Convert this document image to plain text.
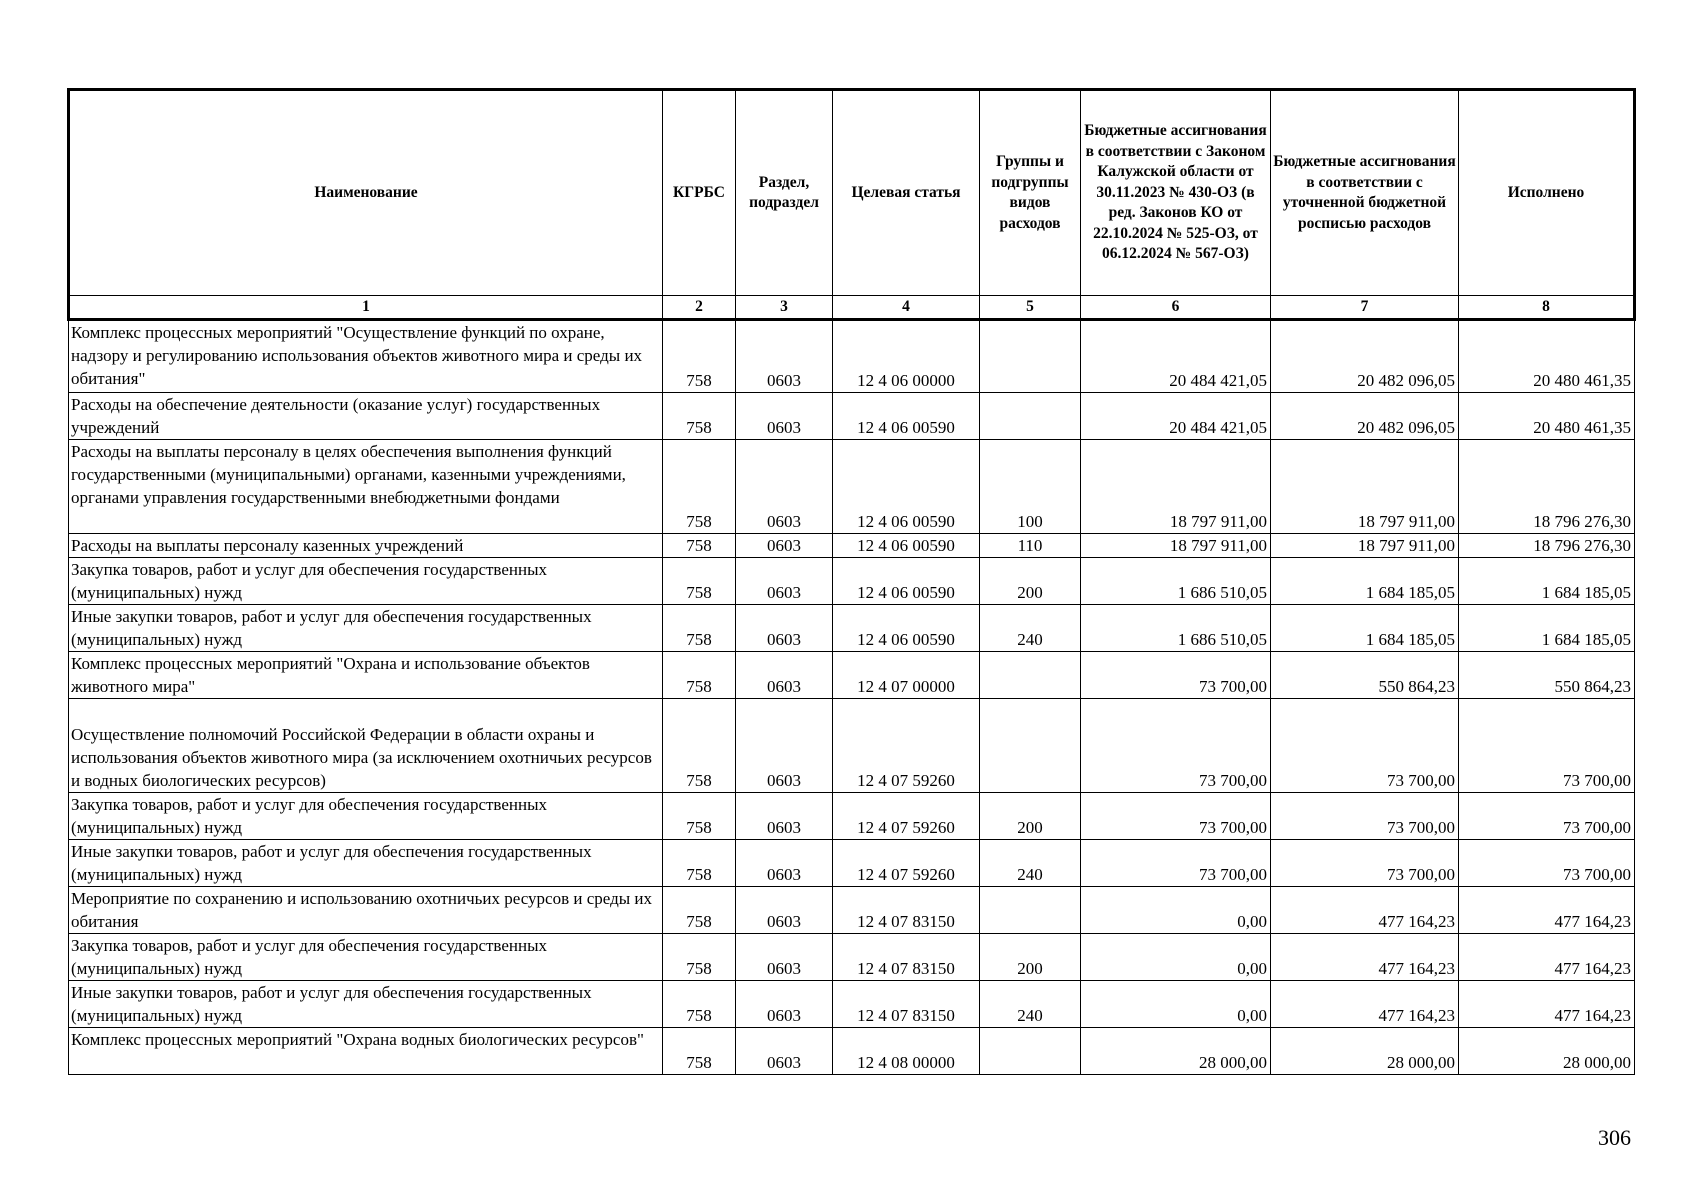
Наименование	КГРБС	Раздел, подраздел	Целевая статья	Группы и подгруппы видов расходов	Бюджетные ассигнования в соответствии с Законом Калужской области от 30.11.2023 № 430-ОЗ (в ред. Законов КО от 22.10.2024 № 525-ОЗ, от 06.12.2024 № 567-ОЗ)	Бюджетные ассигнования в соответствии с уточненной бюджетной росписью расходов	Исполнено
1	2	3	4	5	6	7	8
Комплекс процессных мероприятий "Осуществление функций по охране, надзору и регулированию использования объектов животного мира и среды их обитания"	758	0603	12 4 06 00000		20 484 421,05	20 482 096,05	20 480 461,35
Расходы на обеспечение деятельности (оказание услуг) государственных учреждений	758	0603	12 4 06 00590		20 484 421,05	20 482 096,05	20 480 461,35
Расходы на выплаты персоналу в целях обеспечения выполнения функций государственными (муниципальными) органами, казенными учреждениями, органами управления государственными внебюджетными фондами	758	0603	12 4 06 00590	100	18 797 911,00	18 797 911,00	18 796 276,30
Расходы на выплаты персоналу казенных учреждений	758	0603	12 4 06 00590	110	18 797 911,00	18 797 911,00	18 796 276,30
Закупка товаров, работ и услуг для обеспечения государственных (муниципальных) нужд	758	0603	12 4 06 00590	200	1 686 510,05	1 684 185,05	1 684 185,05
Иные закупки товаров, работ и услуг для обеспечения государственных (муниципальных) нужд	758	0603	12 4 06 00590	240	1 686 510,05	1 684 185,05	1 684 185,05
Комплекс процессных мероприятий "Охрана и использование объектов животного мира"	758	0603	12 4 07 00000		73 700,00	550 864,23	550 864,23
Осуществление полномочий Российской Федерации в области охраны и использования объектов животного мира (за исключением охотничьих ресурсов и водных биологических ресурсов)	758	0603	12 4 07 59260		73 700,00	73 700,00	73 700,00
Закупка товаров, работ и услуг для обеспечения государственных (муниципальных) нужд	758	0603	12 4 07 59260	200	73 700,00	73 700,00	73 700,00
Иные закупки товаров, работ и услуг для обеспечения государственных (муниципальных) нужд	758	0603	12 4 07 59260	240	73 700,00	73 700,00	73 700,00
Мероприятие по сохранению и использованию охотничьих ресурсов и среды их обитания	758	0603	12 4 07 83150		0,00	477 164,23	477 164,23
Закупка товаров, работ и услуг для обеспечения государственных (муниципальных) нужд	758	0603	12 4 07 83150	200	0,00	477 164,23	477 164,23
Иные закупки товаров, работ и услуг для обеспечения государственных (муниципальных) нужд	758	0603	12 4 07 83150	240	0,00	477 164,23	477 164,23
Комплекс процессных мероприятий "Охрана водных биологических ресурсов"	758	0603	12 4 08 00000		28 000,00	28 000,00	28 000,00
306
